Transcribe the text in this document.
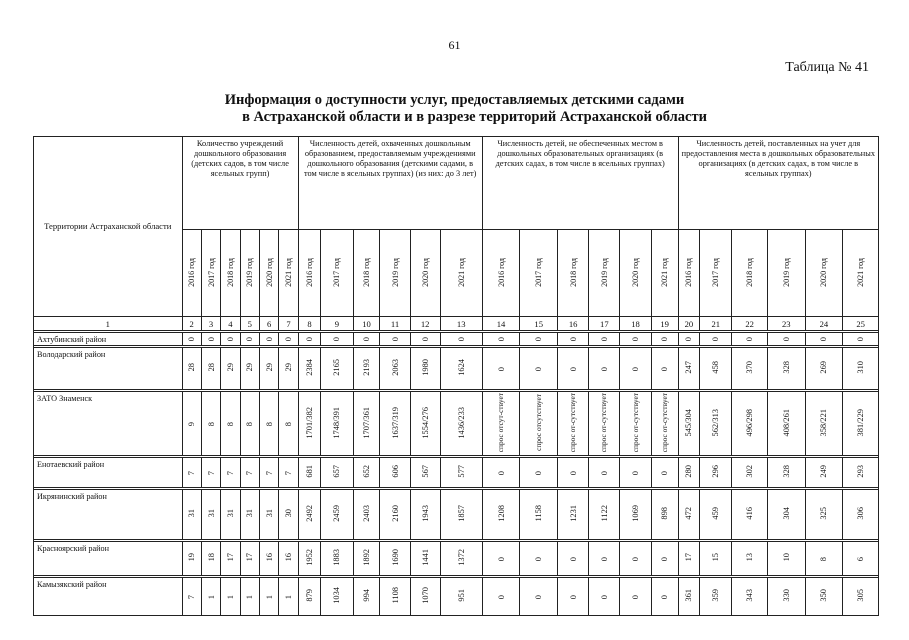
61
Таблица № 41
Информация о доступности услуг, предоставляемых детскими садами
в Астраханской области и в разрезе территорий Астраханской области
Территории Астраханской области	Количество учреждений дошкольного образования (детских садов, в том числе ясельных групп)						Численность детей, охваченных дошкольным образованием, предоставляемым учреждениями дошкольного образования (детскими садами, в том числе в ясельных группах) (из них: до 3 лет)						Численность детей, не обеспеченных местом в дошкольных образовательных организациях (в детских садах, в том числе в ясельных группах)						Численность детей, поставленных на учет для предоставления места в дошкольных образовательных организациях (в детских садах, в том числе в ясельных группах)					
	2016 год	2017 год	2018 год	2019 год	2020 год	2021 год	2016 год	2017 год	2018 год	2019 год	2020 год	2021 год	2016 год	2017 год	2018 год	2019 год	2020 год	2021 год	2016 год	2017 год	2018 год	2019 год	2020 год	2021 год
1	2	3	4	5	6	7	8	9	10	11	12	13	14	15	16	17	18	19	20	21	22	23	24	25

Ахтубинский район	0	0	0	0	0	0	0	0	0	0	0	0	0	0	0	0	0	0	0	0	0	0	0	0

Володарский район	28	28	29	29	29	29	2384	2165	2193	2063	1980	1624	0	0	0	0	0	0	247	458	370	328	269	310

ЗАТО Знаменск	9	8	8	8	8	8	1701/382	1748/391	1707/361	1637/319	1554/276	1436/233	спрос отсут-ствует	спрос отсутствует	спрос от-сутствует	спрос от-сутствует	спрос от-сутствует	спрос от-сутствует	545/304	562/313	496/298	408/261	358/221	381/229

Енотаевский район	7	7	7	7	7	7	681	657	652	606	567	577	0	0	0	0	0	0	280	296	302	328	249	293

Икрянинский район	31	31	31	31	31	30	2492	2459	2403	2160	1943	1857	1208	1158	1231	1122	1069	898	472	459	416	304	325	306

Красноярский район	19	18	17	17	16	16	1952	1883	1892	1690	1441	1372	0	0	0	0	0	0	17	15	13	10	8	6

Камызякский район	7	1	1	1	1	1	879	1034	994	1108	1070	951	0	0	0	0	0	0	361	359	343	330	350	305
